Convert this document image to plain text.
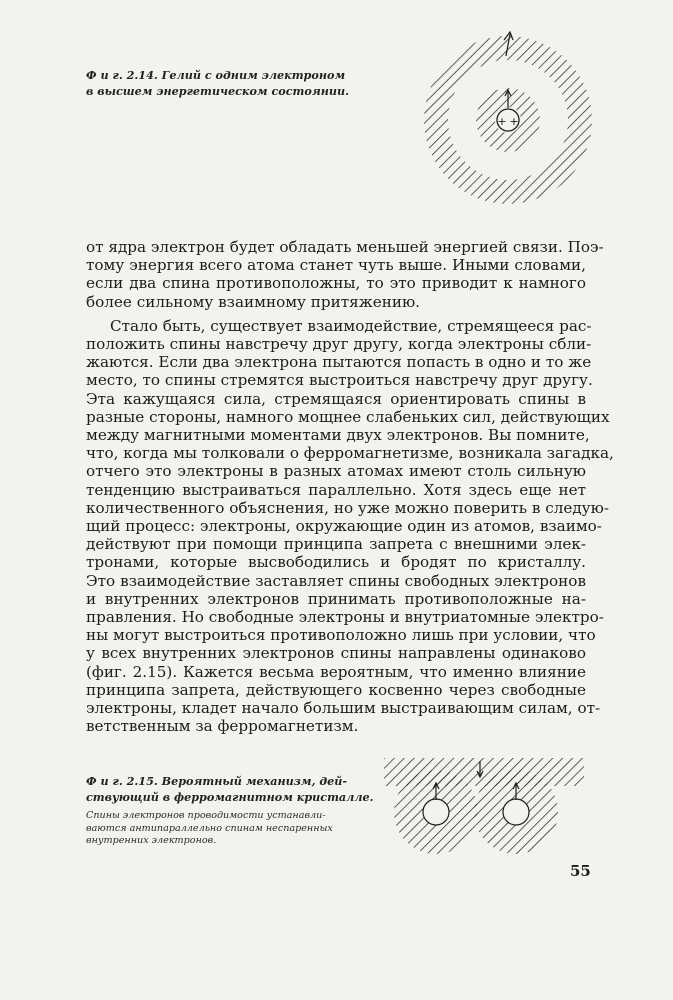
Ф и г. 2.14. Гелий с одним электроном
в высшем энергетическом состоянии.
+ +
от ядра электрон будет обладать меньшей энергией связи. Поэ-
тому энергия всего атома станет чуть выше. Иными словами,
если два спина противоположны, то это приводит к намного
более сильному взаимному притяжению.
Стало быть, существует взаимодействие, стремящееся рас-
положить спины навстречу друг другу, когда электроны сбли-
жаются. Если два электрона пытаются попасть в одно и то же
место, то спины стремятся выстроиться навстречу друг другу.
Эта кажущаяся сила, стремящаяся ориентировать спины в
разные стороны, намного мощнее слабеньких сил, действующих
между магнитными моментами двух электронов. Вы помните,
что, когда мы толковали о ферромагнетизме, возникала загадка,
отчего это электроны в разных атомах имеют столь сильную
тенденцию выстраиваться параллельно. Хотя здесь еще нет
количественного объяснения, но уже можно поверить в следую-
щий процесс: электроны, окружающие один из атомов, взаимо-
действуют при помощи принципа запрета с внешними элек-
тронами, которые высвободились и бродят по кристаллу.
Это взаимодействие заставляет спины свободных электронов
и внутренних электронов принимать противоположные на-
правления. Но свободные электроны и внутриатомные электро-
ны могут выстроиться противоположно лишь при условии, что
у всех внутренних электронов спины направлены одинаково
(фиг. 2.15). Кажется весьма вероятным, что именно влияние
принципа запрета, действующего косвенно через свободные
электроны, кладет начало большим выстраивающим силам, от-
ветственным за ферромагнетизм.
Ф и г. 2.15. Вероятный механизм, дей-
ствующий в ферромагнитном кристалле.
Спины электронов проводимости устанавли-
ваются антипараллельно спинам неспаренных
внутренних электронов.
55
